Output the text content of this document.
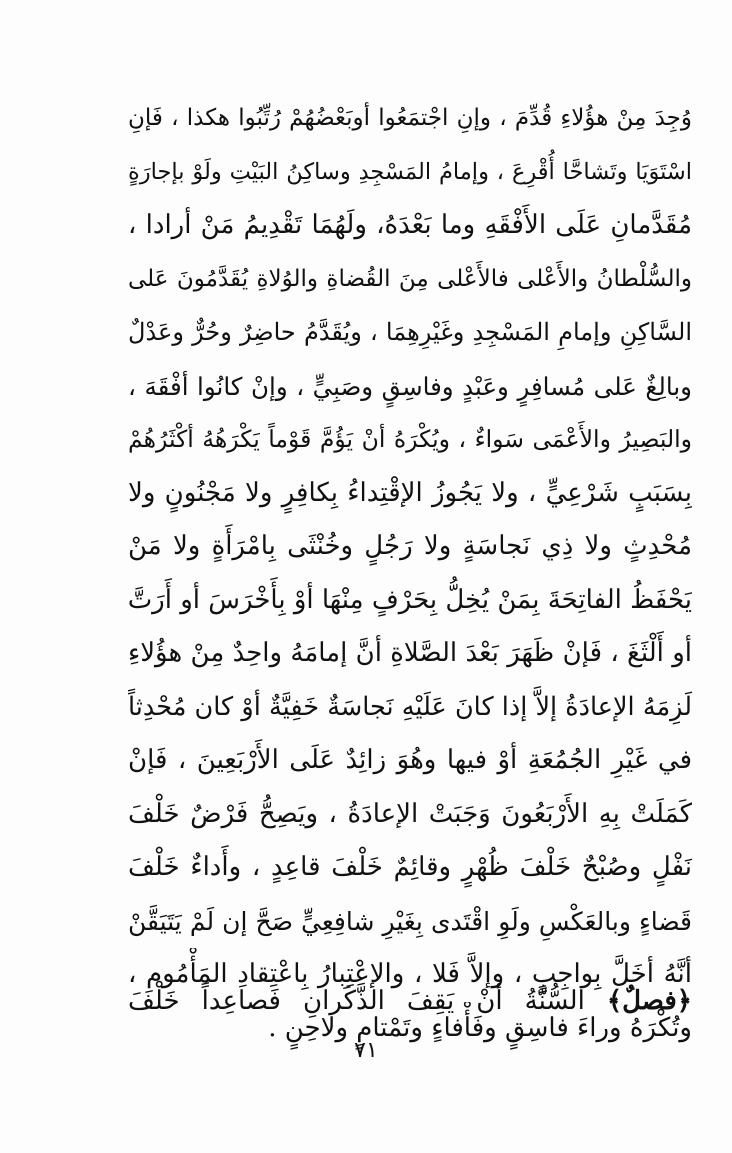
وُجِدَ مِنْ هؤُلاءِ قُدِّمَ ، وإنِ اجْتمَعُوا أوبَعْضُهُمْ رُتِّبُوا هكذا ، فَإنِ
اسْتَوَيَا وتَشاحَّا أُقْرِعَ ، وإمامُ المَسْجِدِ وساكِنُ البَيْتِ ولَوْ بإجارَةٍ
مُقَدَّمانِ عَلَى الأَفْقَهِ وما بَعْدَهُ، ولَهُمَا تَقْدِيمُ مَنْ أرادا ،
والسُّلْطانُ والأَعْلى فالأَعْلى مِنَ القُضاةِ والوُلاةِ يُقَدَّمُونَ عَلى
السَّاكِنِ وإمامِ المَسْجِدِ وغَيْرِهِمَا ، ويُقَدَّمُ حاضِرٌ وحُرٌّ وعَدْلٌ
وبالِغٌ عَلى مُسافِرٍ وعَبْدٍ وفاسِقٍ وصَبِيٍّ ، وإنْ كانُوا أفْقَهَ ،
والبَصِيرُ والأَعْمَى سَواءٌ ، ويُكْرَهُ أنْ يَؤُمَّ قَوْماً يَكْرَهُهُ أكْثَرُهُمْ
بِسَبَبٍ شَرْعِيٍّ ، ولا يَجُوزُ الإقْتِداءُ بِكافِرٍ ولا مَجْنُونٍ ولا
مُحْدِثٍ ولا ذِي نَجاسَةٍ ولا رَجُلٍ وخُنْثَى بِامْرَأَةٍ ولا مَنْ
يَحْفَظُ الفاتِحَةَ بِمَنْ يُخِلُّ بِحَرْفٍ مِنْهَا أوْ بِأَخْرَسَ أو أَرَتَّ
أو أَلْثَغَ ، فَإنْ ظَهَرَ بَعْدَ الصَّلاةِ أنَّ إمامَهُ واحِدٌ مِنْ هؤُلاءِ
لَزِمَهُ الإعادَةُ إلاَّ إذا كانَ عَلَيْهِ نَجاسَةٌ خَفِيَّةٌ أوْ كان مُحْدِثاً
في غَيْرِ الجُمُعَةِ أوْ فيها وهُوَ زائِدٌ عَلَى الأَرْبَعِينَ ، فَإنْ
كَمَلَتْ بِهِ الأَرْبَعُونَ وَجَبَتْ الإعادَةُ ، ويَصِحُّ فَرْضٌ خَلْفَ
نَفْلٍ وصُبْحٌ خَلْفَ ظُهْرٍ وقائِمٌ خَلْفَ قاعِدٍ ، وأَداءٌ خَلْفَ
قَضاءٍ وبالعَكْسِ ولَوِ اقْتَدى بِغَيْرِ شافِعِيٍّ صَحَّ إن لَمْ يَتَيَقَّنْ
أنَّهُ أخَلَّ بِواجِبٍ ، وإلاَّ فَلا ، والإعْتِبارُ بِاعْتِقادِ المَأْمُومِ ،
وتُكْرَهُ وراءَ فاسِقٍ وفَأْفاءٍ وتَمْتامٍ ولاحِنٍ .
﴿فصلٌ﴾ السُّنَّةُ أنْ يَقِفَ الذَّكَرانِ فَصاعِداً خَلْفَ
٧١
